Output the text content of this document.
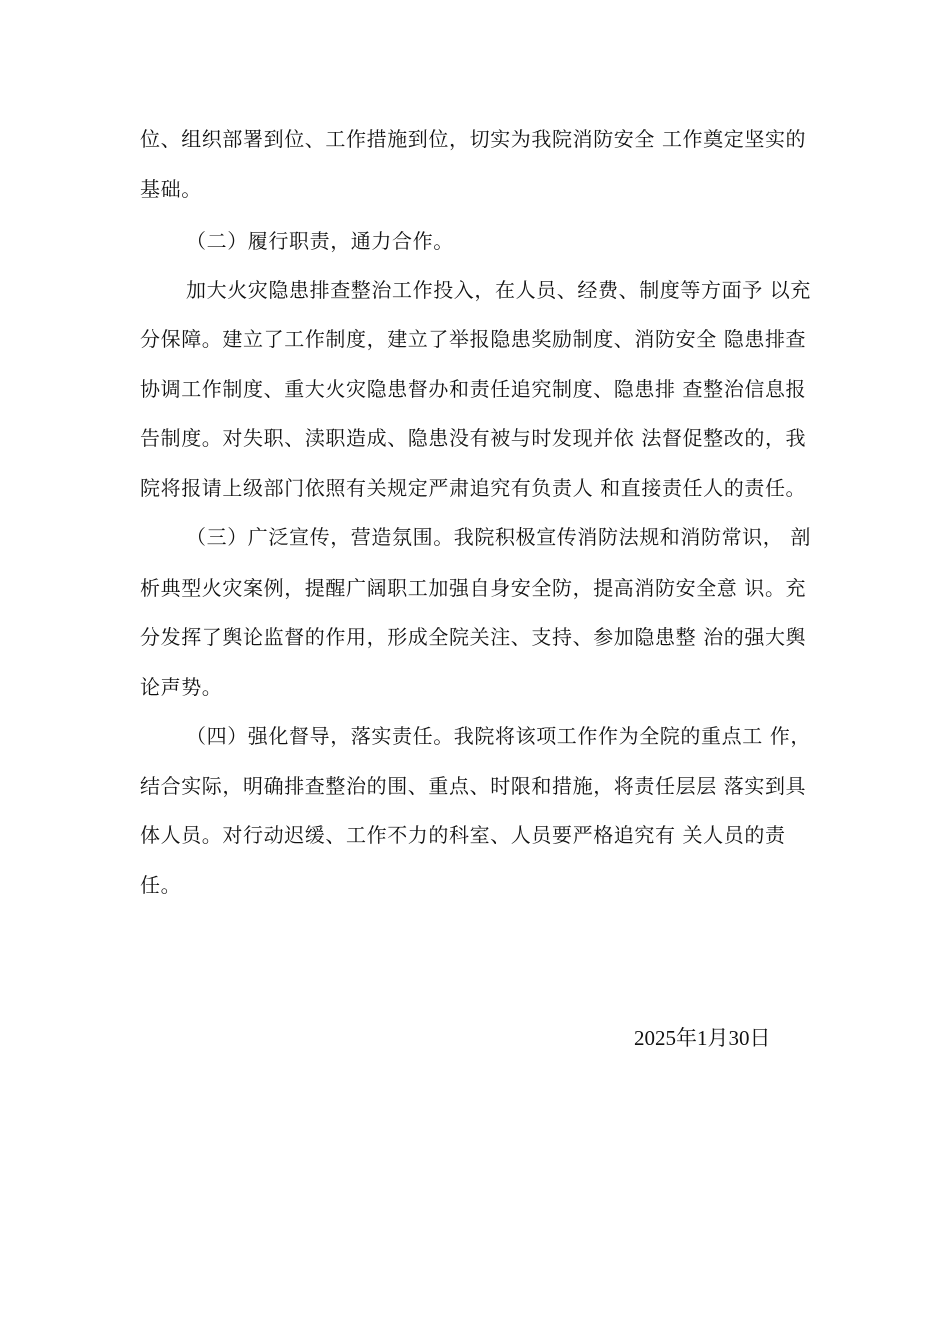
位、组织部署到位、工作措施到位，切实为我院消防安全 工作奠定坚实的
基础。
（二）履行职责，通力合作。
加大火灾隐患排查整治工作投入，在人员、经费、制度等方面予 以充
分保障。建立了工作制度，建立了举报隐患奖励制度、消防安全 隐患排查
协调工作制度、重大火灾隐患督办和责任追究制度、隐患排 查整治信息报
告制度。对失职、渎职造成、隐患没有被与时发现并依 法督促整改的，我
院将报请上级部门依照有关规定严肃追究有负责人 和直接责任人的责任。
（三）广泛宣传，营造氛围。我院积极宣传消防法规和消防常识， 剖
析典型火灾案例，提醒广阔职工加强自身安全防，提高消防安全意 识。充
分发挥了舆论监督的作用，形成全院关注、支持、参加隐患整 治的强大舆
论声势。
（四）强化督导，落实责任。我院将该项工作作为全院的重点工 作，
结合实际，明确排查整治的围、重点、时限和措施，将责任层层 落实到具
体人员。对行动迟缓、工作不力的科室、人员要严格追究有 关人员的责
任。
2025年1月30日
